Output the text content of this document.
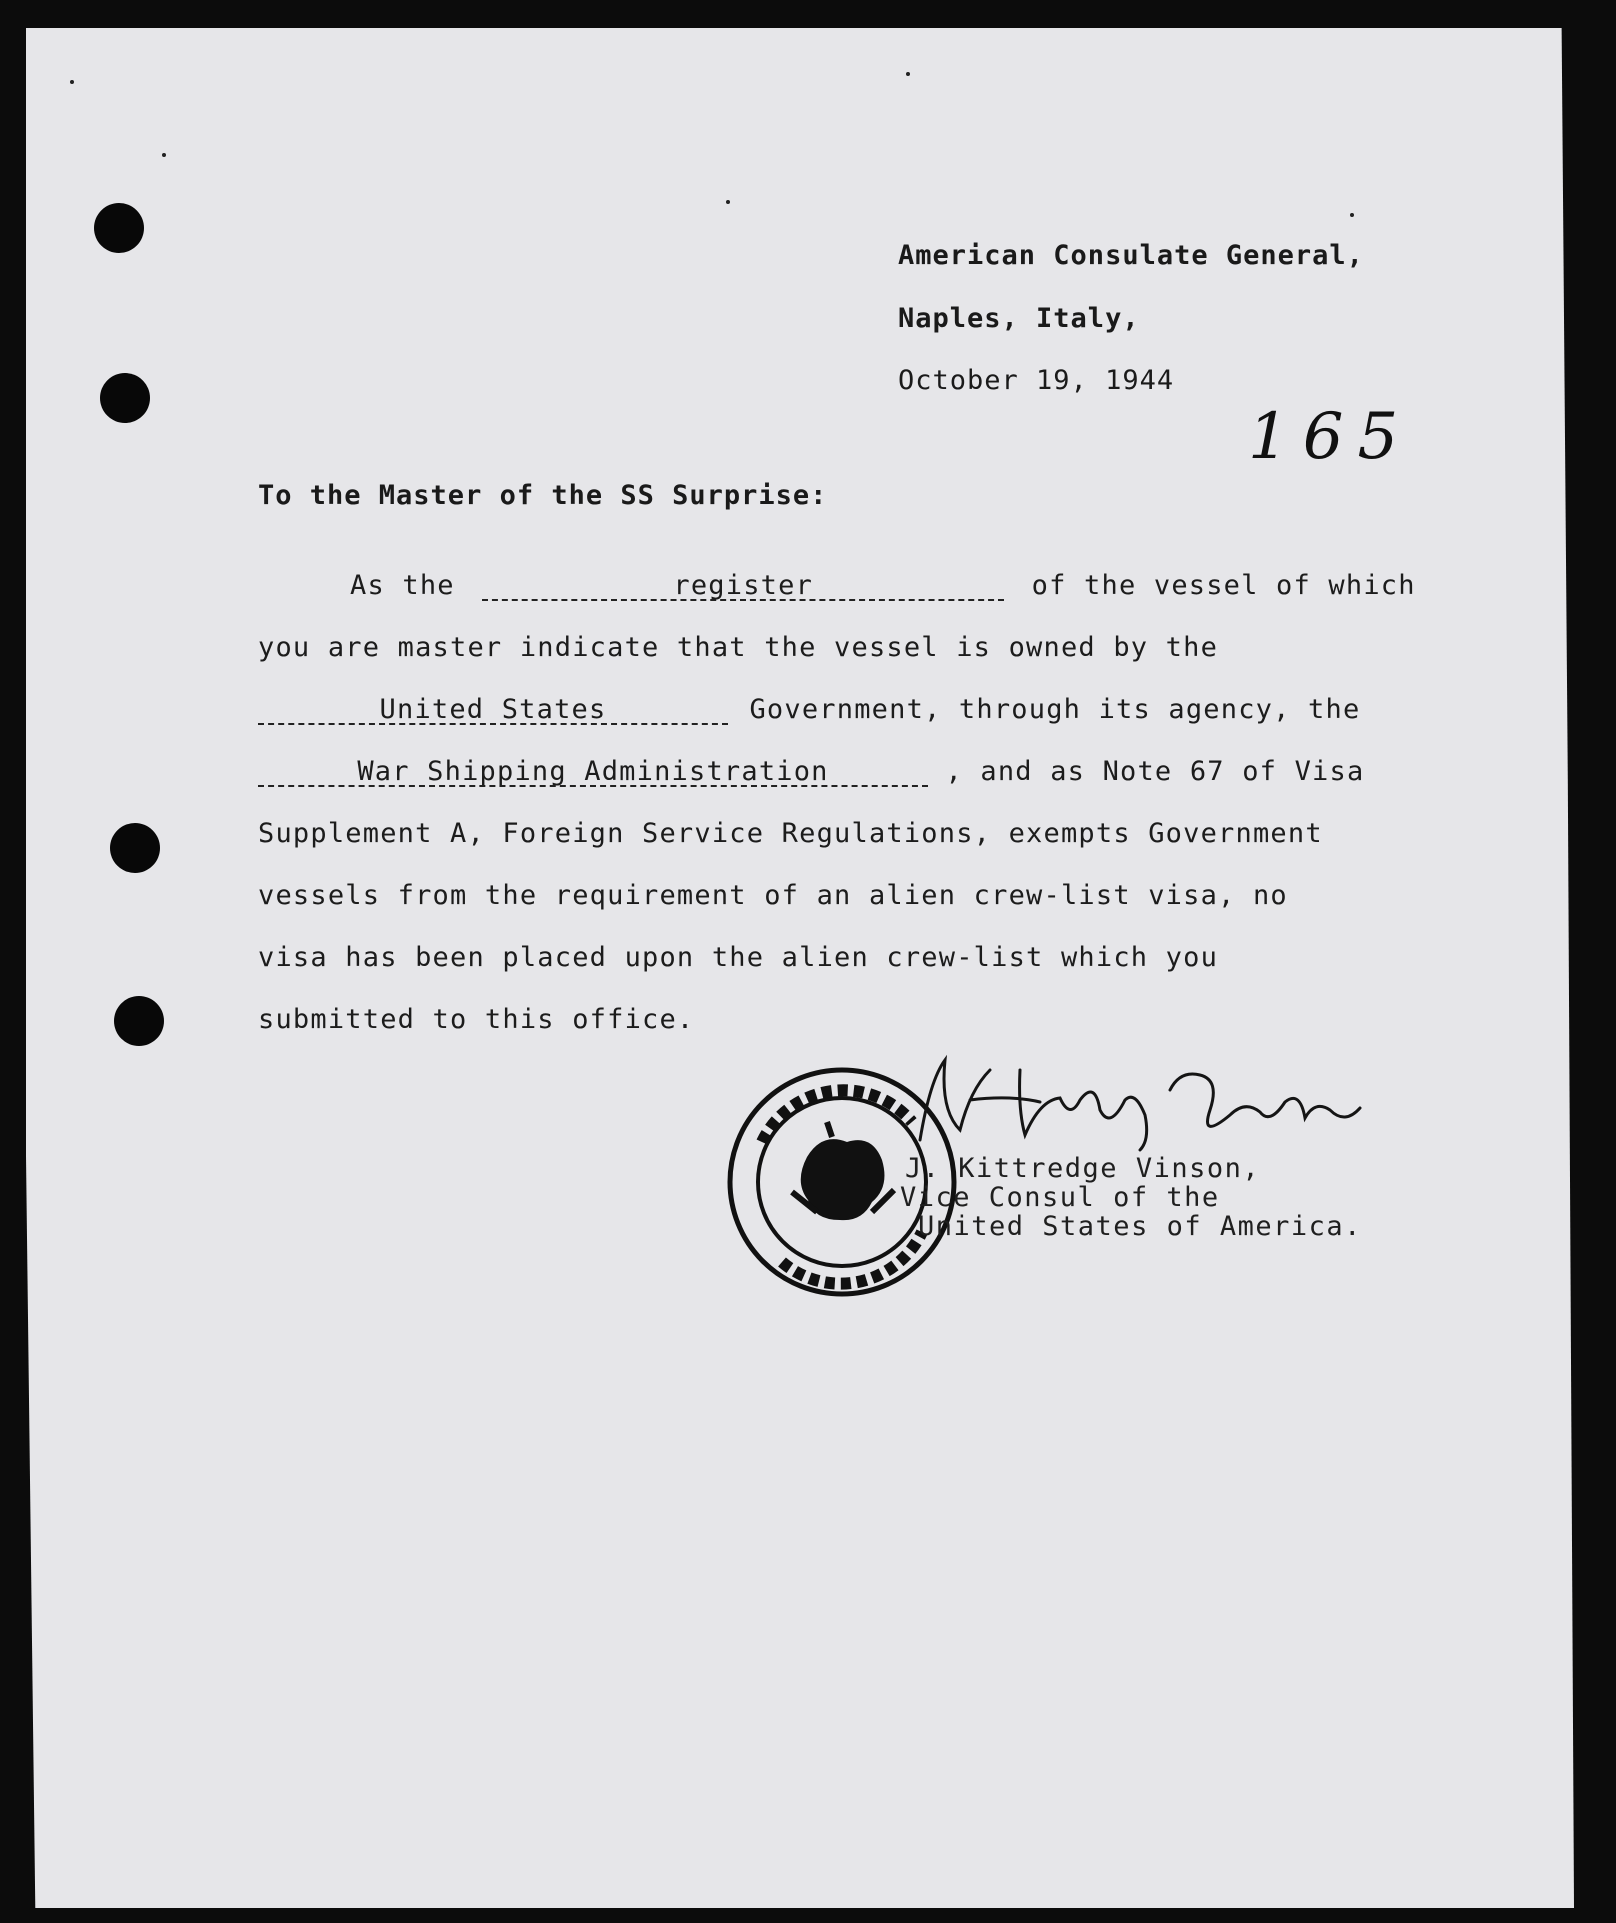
American Consulate General,
Naples, Italy,
October 19, 1944
165
To the Master of the SS Surprise:
As the	register	of the vessel of which
you are master indicate that the vessel is owned by the
United States	Government, through its agency, the
War Shipping Administration	, and as Note 67 of Visa
Supplement A, Foreign Service Regulations, exempts Government
vessels from the requirement of an alien crew-list visa, no
visa has been placed upon the alien crew-list which you
submitted to this office.
J. Kittredge Vinson,
Vice Consul of the
United States of America.
